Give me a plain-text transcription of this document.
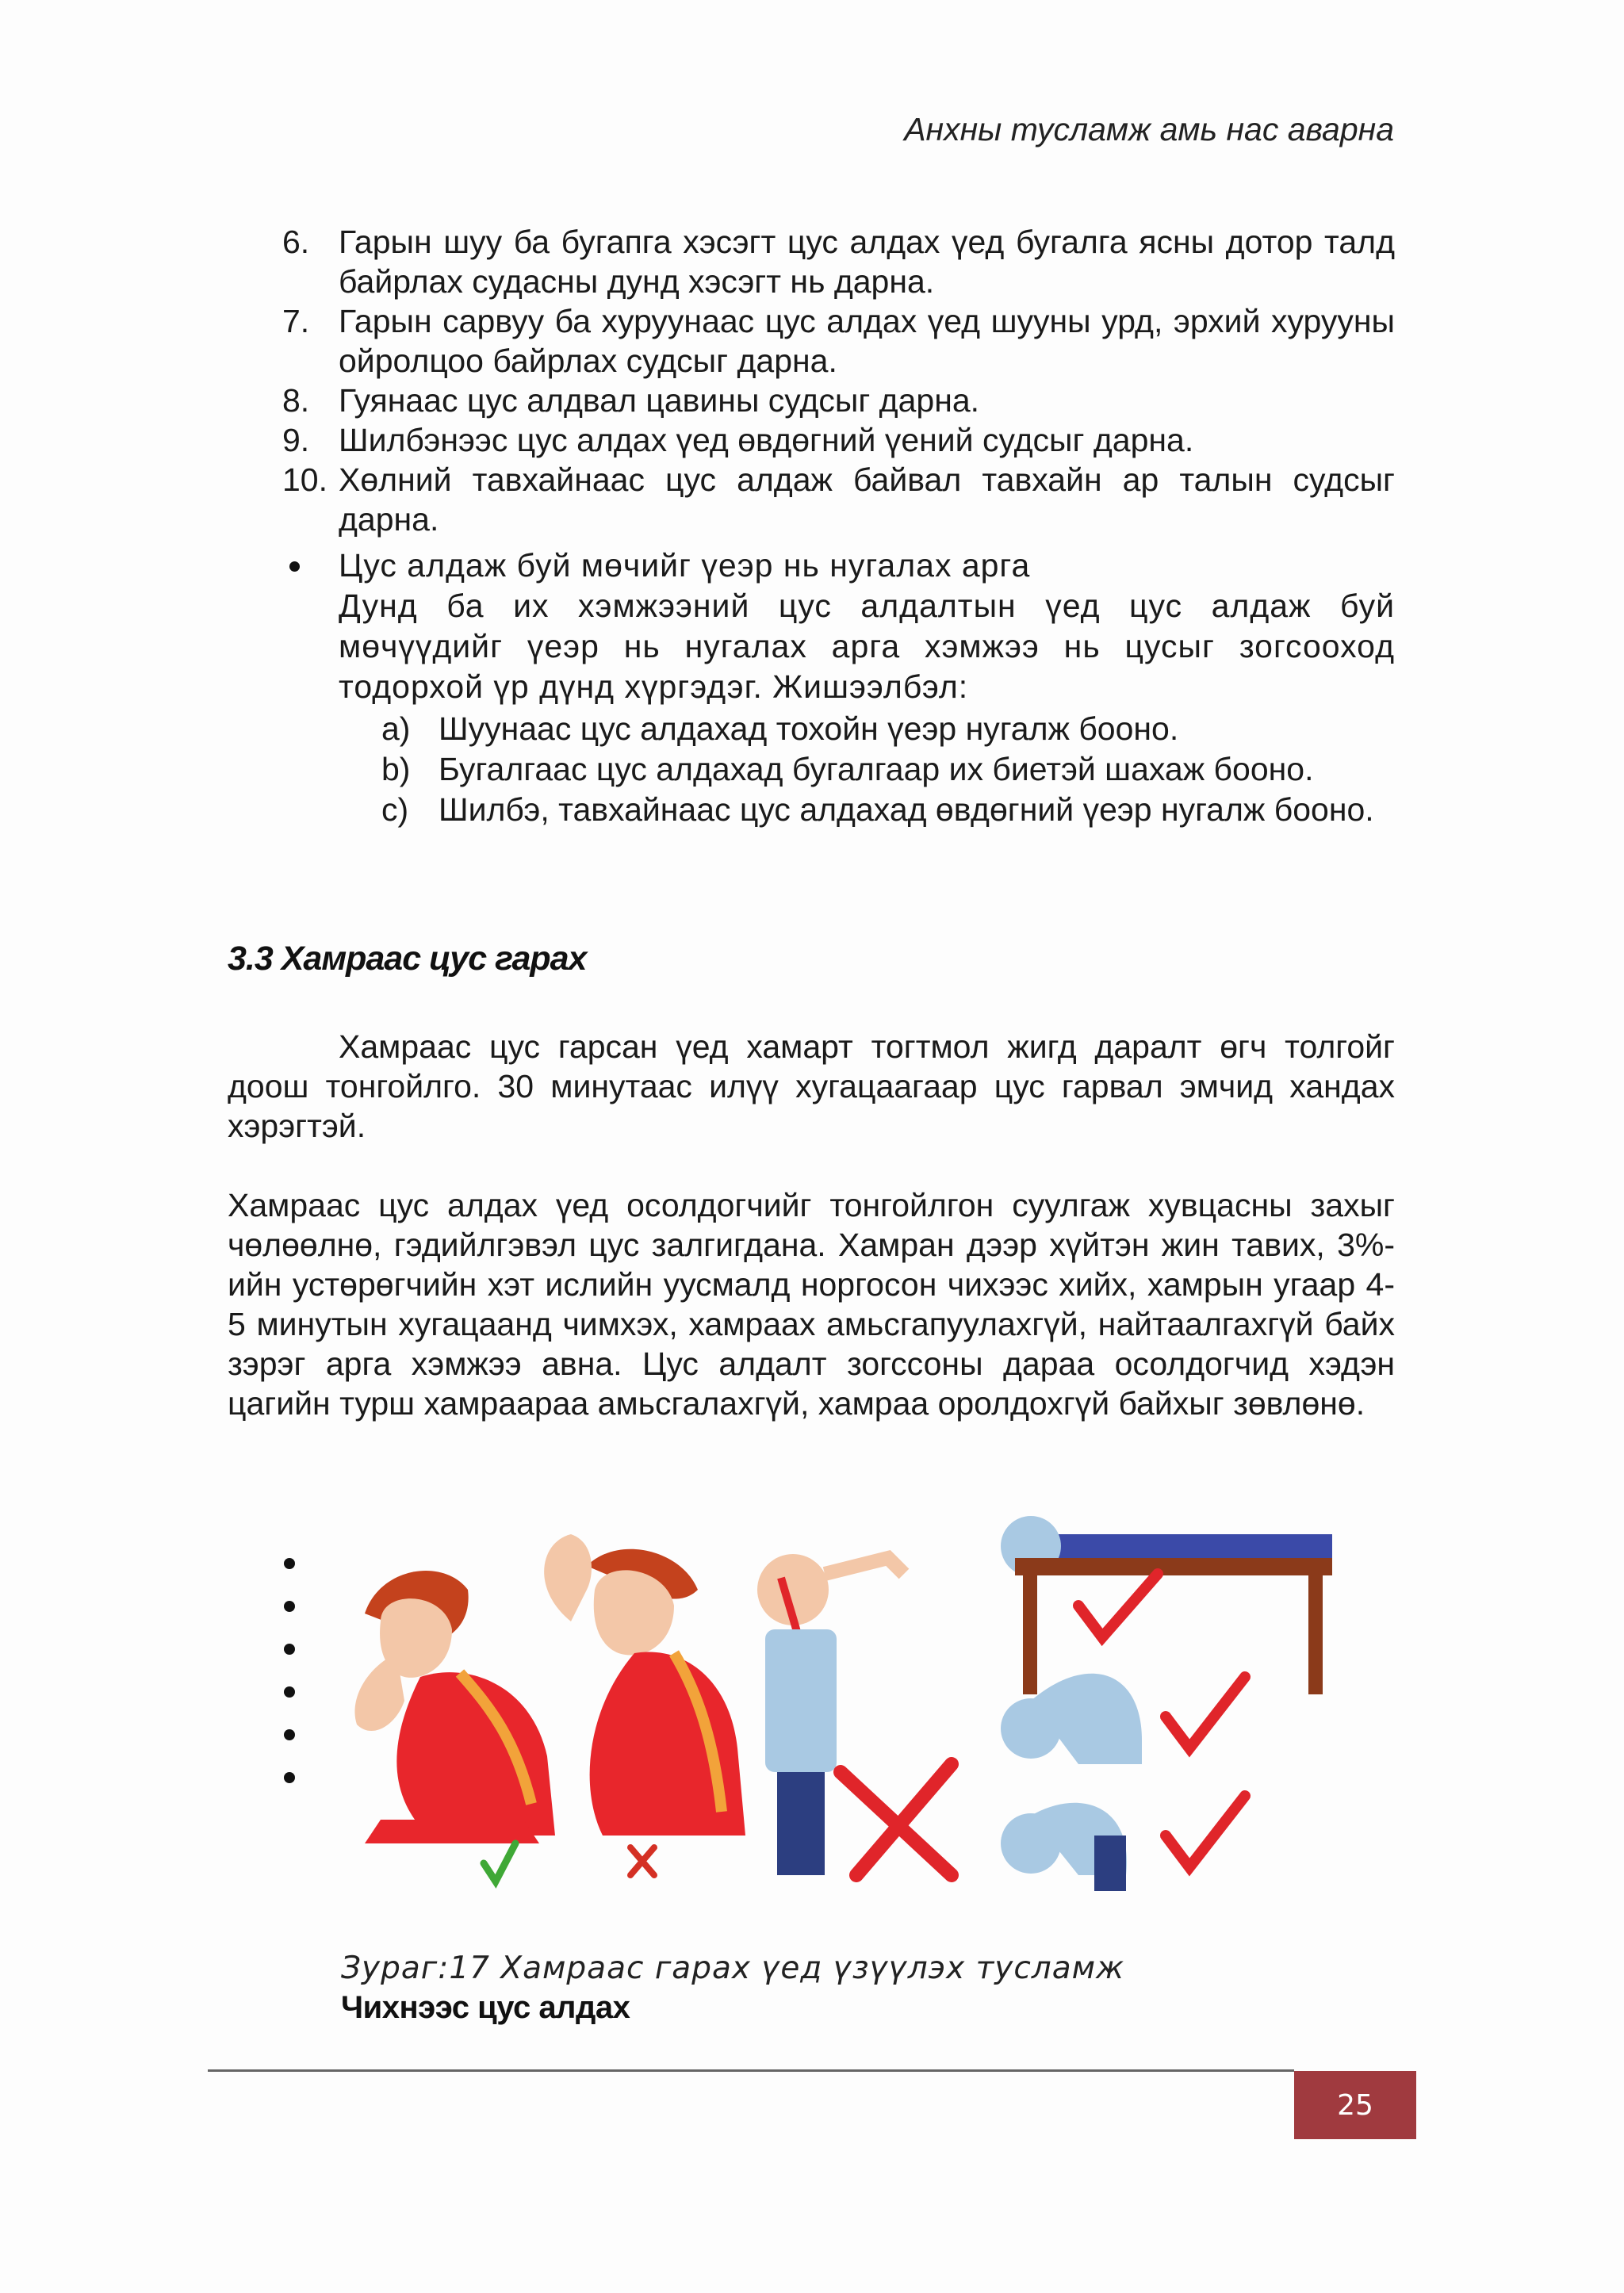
Анхны тусламж амь нас аварна
6. Гарын шуу ба бугапга хэсэгт цус алдах үед бугалга ясны дотор талд байрлах судасны дунд хэсэгт нь дарна.
7. Гарын сарвуу ба хуруунаас цус алдах үед шууны урд, эрхий хурууны ойролцоо байрлах судсыг дарна.
8. Гуянаас цус алдвал цавины судсыг дарна.
9. Шилбэнээс цус алдах үед өвдөгний үений судсыг дарна.
10. Хөлний тавхайнаас цус алдаж байвал тавхайн ар талын судсыг дарна.
Цус алдаж буй мөчийг үеэр нь нугалах арга
Дунд ба их хэмжээний цус алдалтын үед цус алдаж буй мөчүүдийг үеэр нь нугалах арга хэмжээ нь цусыг зогсооход тодорхой үр дүнд хүргэдэг. Жишээлбэл:
a) Шуунаас цус алдахад тохойн үеэр нугалж бооно.
b) Бугалгаас цус алдахад бугалгаар их биетэй шахаж бооно.
c) Шилбэ, тавхайнаас цус алдахад өвдөгний үеэр нугалж бооно.
3.3 Хамраас цус гарах
Хамраас цус гарсан үед хамарт тогтмол жигд даралт өгч толгойг доош тонгойлго. 30 минутаас илүү хугацаагаар цус гарвал эмчид хандах хэрэгтэй.
Хамраас цус алдах үед осолдогчийг тонгойлгон суулгаж хувцасны захыг чөлөөлнө, гэдийлгэвэл цус залгигдана. Хамран дээр хүйтэн жин тавих, 3%-ийн устөрөгчийн хэт ислийн уусмалд норгосон чихээс хийх, хамрын угаар 4-5 минутын хугацаанд чимхэх, хамраах амьсгапуулахгүй, найтаалгахгүй байх зэрэг арга хэмжээ авна. Цус алдалт зогссоны дараа осолдогчид хэдэн цагийн турш хамраараа амьсгалахгүй, хамраа оролдохгүй байхыг зөвлөнө.
Зураг:17 Хамраас гарах үед үзүүлэх тусламж
Чихнээс цус алдах
25
